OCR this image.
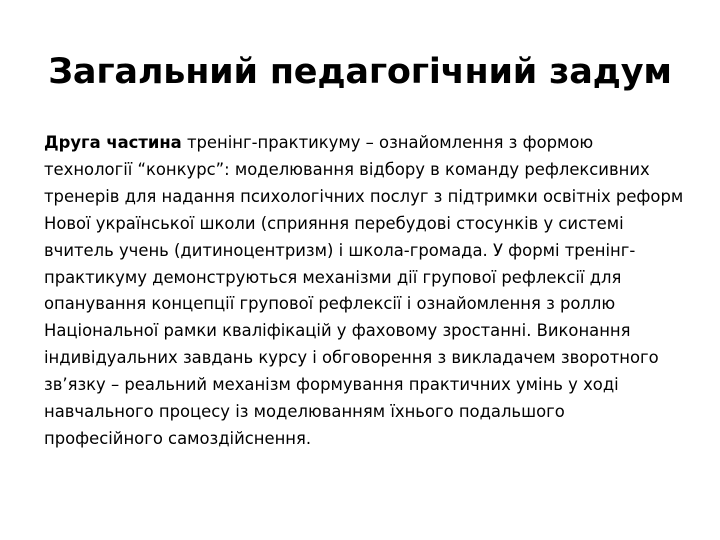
Загальний педагогічний задум

Друга частина тренінг-практикуму – ознайомлення з формою технології “конкурс”: моделювання відбору в команду рефлексивних тренерів для надання психологічних послуг з підтримки освітніх реформ Нової української школи (сприяння перебудові стосунків у системі вчитель учень (дитиноцентризм) і школа-громада. У формі тренінг-практикуму демонструються механізми дії групової рефлексії для опанування концепції групової рефлексії і ознайомлення з роллю Національної рамки кваліфікацій у фаховому зростанні. Виконання індивідуальних завдань курсу і обговорення з викладачем зворотного зв’язку – реальний механізм формування практичних умінь у ході навчального процесу із моделюванням їхнього подальшого професійного самоздійснення.
